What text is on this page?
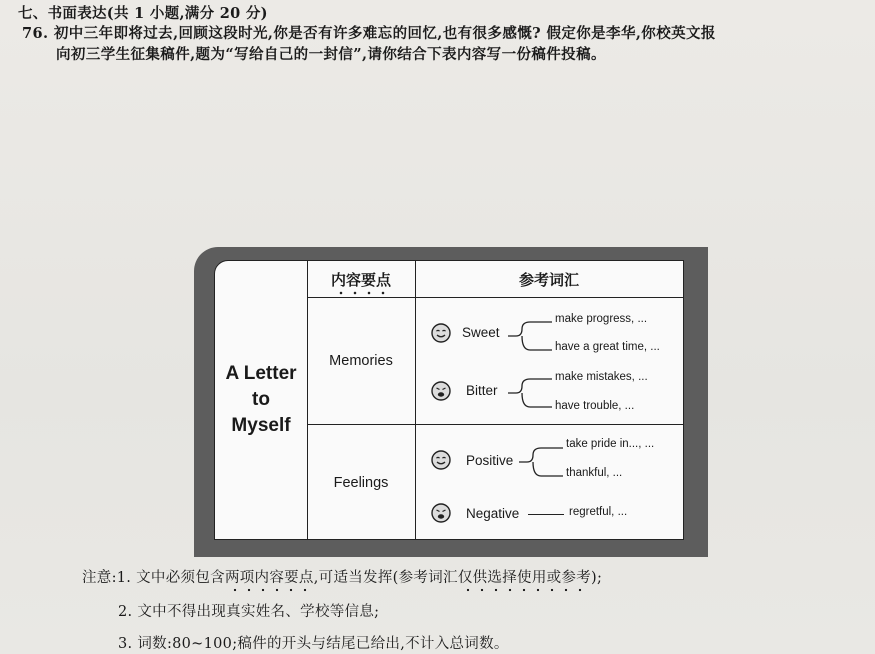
七、书面表达(共 1 小题,满分 20 分)
76. 初中三年即将过去,回顾这段时光,你是否有许多难忘的回忆,也有很多感慨? 假定你是李华,你校英文报
向初三学生征集稿件,题为“写给自己的一封信”,请你结合下表内容写一份稿件投稿。
A Letter
to
Myself
内容要点	参考词汇
Memories
Feelings
Sweet
make progress, ...
have a great time, ...
Bitter
make mistakes, ...
have trouble, ...
Positive
take pride in..., ...
thankful, ...
Negative	regretful, ...
注意:1. 文中必须包含两项内容要点,可适当发挥(参考词汇仅供选择使用或参考);
2. 文中不得出现真实姓名、学校等信息;
3. 词数:80~100;稿件的开头与结尾已给出,不计入总词数。
